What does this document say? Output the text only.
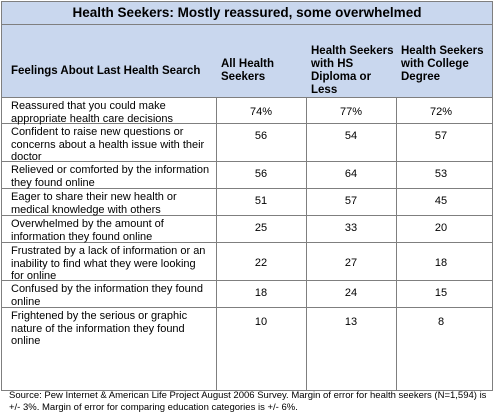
Health Seekers: Mostly reassured, some overwhelmed
Feelings About Last Health Search
All Health Seekers
Health Seekers with HS Diploma or Less
Health Seekers with College Degree
Reassured that you could make appropriate health care decisions
74%	77%	72%
Confident to raise new questions or concerns about a health issue with their doctor
56	54	57
Relieved or comforted by the information they found online
56	64	53
Eager to share their new health or medical knowledge with others
51	57	45
Overwhelmed by the amount of information they found online
25	33	20
Frustrated by a lack of information or an inability to find what they were looking for online
22	27	18
Confused by the information they found online
18	24	15
Frightened by the serious or graphic nature of the information they found online
10	13	8
Source: Pew Internet & American Life Project August 2006 Survey. Margin of error for health seekers (N=1,594) is +/- 3%. Margin of error for comparing education categories is +/- 6%.
